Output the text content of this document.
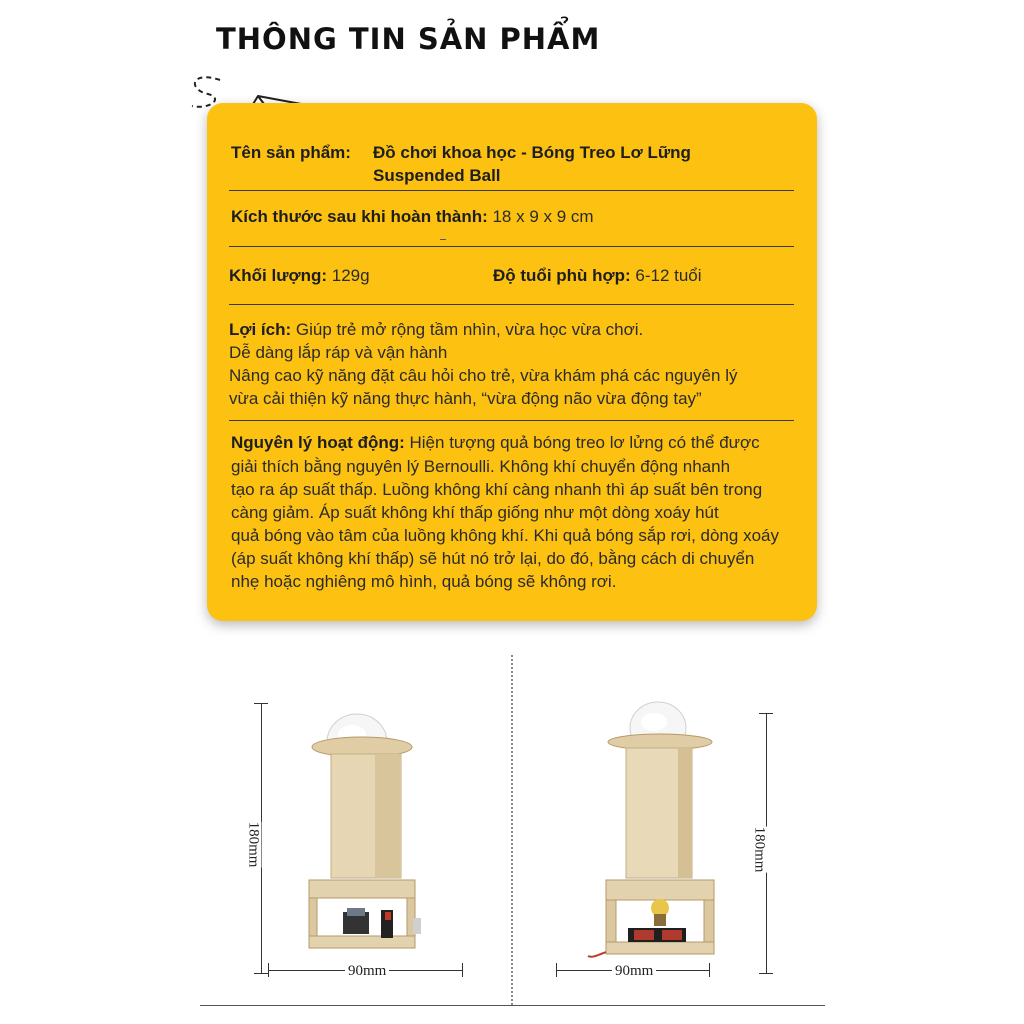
THÔNG TIN SẢN PHẨM
Tên sản phẩm: Đồ chơi khoa học - Bóng Treo Lơ Lững
Suspended Ball
Kích thước sau khi hoàn thành: 18 x 9 x 9 cm
Khối lượng: 129g	Độ tuổi phù hợp: 6-12 tuổi
Lợi ích: Giúp trẻ mở rộng tầm nhìn, vừa học vừa chơi.
Dễ dàng lắp ráp và vận hành
Nâng cao kỹ năng đặt câu hỏi cho trẻ, vừa khám phá các nguyên lý
vừa cải thiện kỹ năng thực hành, “vừa động não vừa động tay”
Nguyên lý hoạt động: Hiện tượng quả bóng treo lơ lửng có thể được
giải thích bằng nguyên lý Bernoulli. Không khí chuyển động nhanh
tạo ra áp suất thấp. Luồng không khí càng nhanh thì áp suất bên trong
càng giảm. Áp suất không khí thấp giống như một dòng xoáy hút
quả bóng vào tâm của luồng không khí. Khi quả bóng sắp rơi, dòng xoáy
(áp suất không khí thấp) sẽ hút nó trở lại, do đó, bằng cách di chuyển
nhẹ hoặc nghiêng mô hình, quả bóng sẽ không rơi.
180mm
90mm
180mm
90mm
